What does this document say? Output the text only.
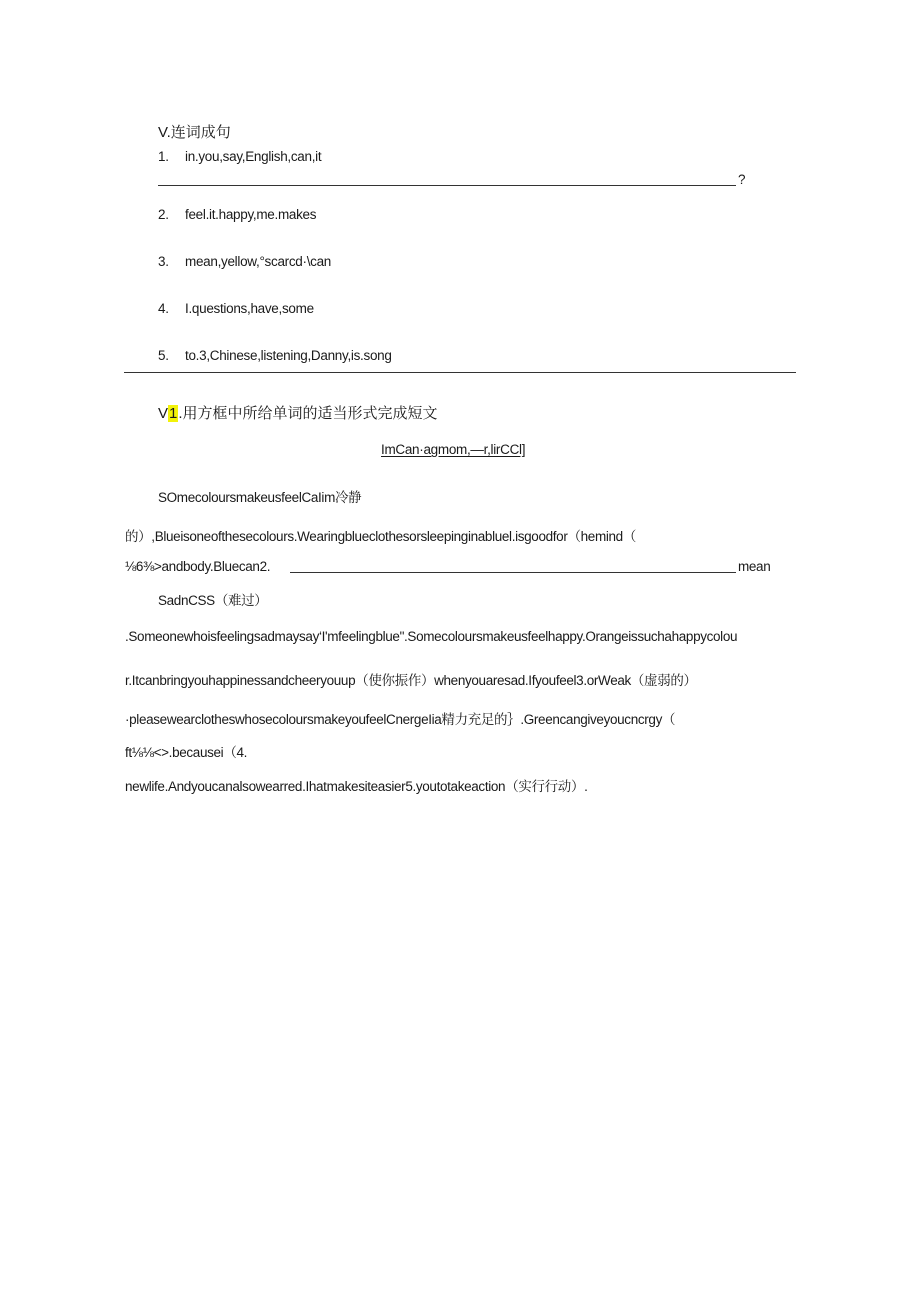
V.连词成句
1. in.you,say,English,can,it
?
2. feel.it.happy,me.makes
3. mean,yellow,°scarcd·\can
4. I.questions,have,some
5. to.3,Chinese,listening,Danny,is.song
V1.用方框中所给单词的适当形式完成短文
ImCan·agmom,—r,lirCCl]
SOmecoloursmakeusfeelCaIim冷静
的）,Blueisoneofthesecolours.Wearingblueclothesorsleepinginabluel.isgoodfor（hemind（
⅛6⅜>andbody.Bluecan2.	mean
SadnCSS（难过）
.Someonewhoisfeelingsadmaysay‘I'mfeelingblue".Somecoloursmakeusfeelhappy.Orangeissuchahappycolou
r.Itcanbringyouhappinessandcheeryouup（使你振作）whenyouaresad.Ifyoufeel3.orWeak（虚弱的）
·pleasewearclotheswhosecoloursmakeyoufeelCnergeIia精力充足的｝.Greencangiveyoucncrgy（
ft⅛⅛<>.becausei（4.
newlife.Andyoucanalsowearred.Ihatmakesiteasier5.youtotakeaction（实行行动）.
